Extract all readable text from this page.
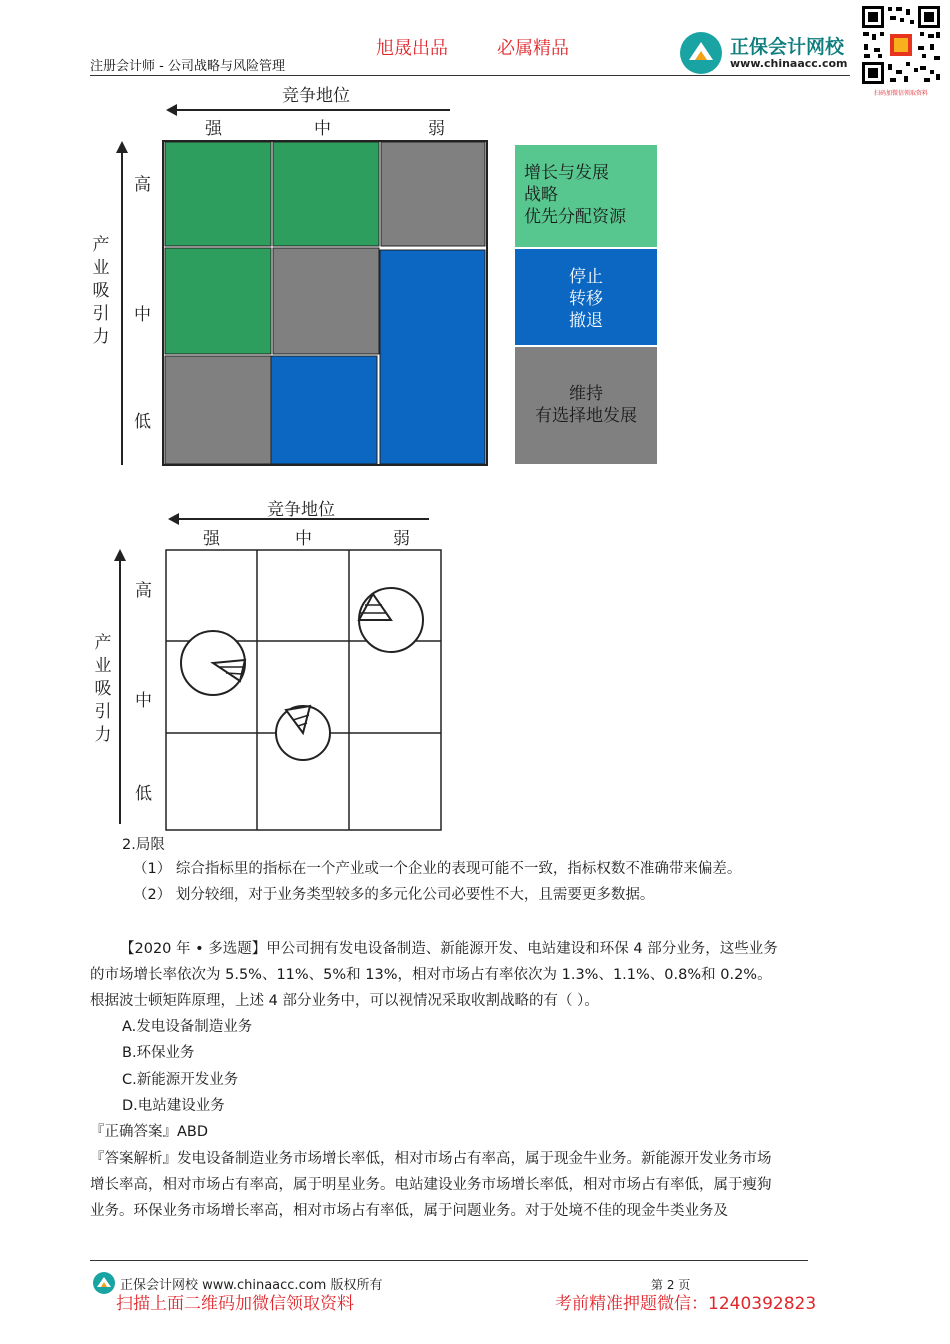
旭晟出品	必属精品
注册会计师 - 公司战略与风险管理
正保会计网校
www.chinaacc.com
扫码加微信领取资料
竞争地位
强	中	弱
产
业
吸
引
力
高
中
低
增长与发展
战略
优先分配资源
停止
转移
撤退
维持
有选择地发展
竞争地位
强	中	弱
产
业
吸
引
力
高
中
低
2.局限
（1） 综合指标里的指标在一个产业或一个企业的表现可能不一致，指标权数不准确带来偏差。
（2） 划分较细，对于业务类型较多的多元化公司必要性不大，且需要更多数据。
【2020 年 • 多选题】甲公司拥有发电设备制造、新能源开发、电站建设和环保 4 部分业务，这些业务
的市场增长率依次为 5.5%、11%、5%和 13%，相对市场占有率依次为 1.3%、1.1%、0.8%和 0.2%。
根据波士顿矩阵原理，上述 4 部分业务中，可以视情况采取收割战略的有（ ）。
A.发电设备制造业务
B.环保业务
C.新能源开发业务
D.电站建设业务
『正确答案』ABD
『答案解析』发电设备制造业务市场增长率低，相对市场占有率高，属于现金牛业务。新能源开发业务市场
增长率高，相对市场占有率高，属于明星业务。电站建设业务市场增长率低，相对市场占有率低，属于瘦狗
业务。环保业务市场增长率高，相对市场占有率低，属于问题业务。对于处境不佳的现金牛类业务及
正保会计网校 www.chinaacc.com 版权所有	第 2 页
扫描上面二维码加微信领取资料	考前精准押题微信：1240392823
